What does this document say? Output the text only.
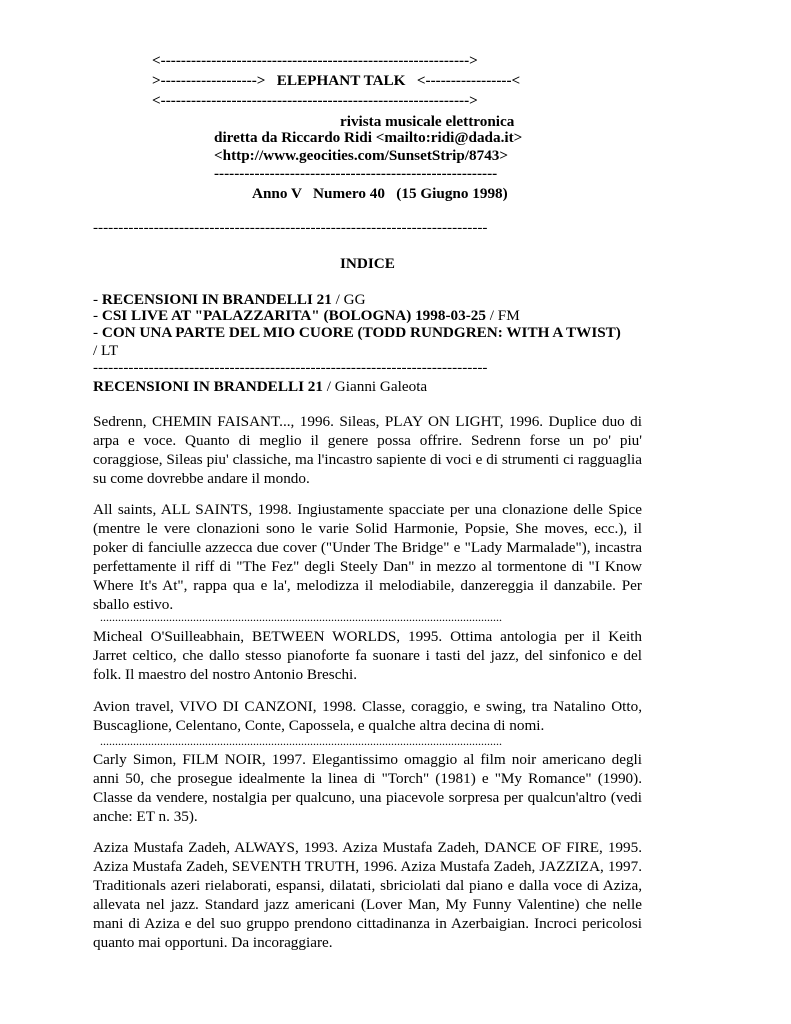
<------------------------------------------------------------->
>------------------->   ELEPHANT TALK   <-----------------<
<------------------------------------------------------------->
rivista musicale elettronica
diretta da Riccardo Ridi <mailto:ridi@dada.it>
<http://www.geocities.com/SunsetStrip/8743>
--------------------------------------------------------
Anno V   Numero 40   (15 Giugno 1998)
------------------------------------------------------------------------------
INDICE
- RECENSIONI IN BRANDELLI 21 / GG
- CSI LIVE AT "PALAZZARITA" (BOLOGNA) 1998-03-25 / FM
- CON UNA PARTE DEL MIO CUORE (TODD RUNDGREN: WITH A TWIST)
/ LT
------------------------------------------------------------------------------
RECENSIONI IN BRANDELLI 21 / Gianni Galeota

Sedrenn, CHEMIN FAISANT..., 1996. Sileas, PLAY ON LIGHT, 1996. Duplice duo di arpa e voce. Quanto di meglio il genere possa offrire. Sedrenn forse un po' piu' coraggiose, Sileas piu' classiche, ma l'incastro sapiente di voci e di strumenti ci ragguaglia su come dovrebbe andare il mondo.

All saints, ALL SAINTS, 1998. Ingiustamente spacciate per una clonazione delle Spice (mentre le vere clonazioni sono le varie Solid Harmonie, Popsie, She moves, ecc.), il poker di fanciulle azzecca due cover ("Under The Bridge" e "Lady Marmalade"), incastra perfettamente il riff di "The Fez" degli Steely Dan" in mezzo al tormentone di "I Know Where It's At", rappa qua e la', melodizza il melodiabile, danzereggia il danzabile. Per sballo estivo.

......................................................................................................................................

Micheal O'Suilleabhain, BETWEEN WORLDS, 1995. Ottima antologia per il Keith Jarret celtico, che dallo stesso pianoforte fa suonare i tasti del jazz, del sinfonico e del folk. Il maestro del nostro Antonio Breschi.

Avion travel, VIVO DI CANZONI, 1998. Classe, coraggio, e swing, tra Natalino Otto, Buscaglione, Celentano, Conte, Capossela, e qualche altra decina di nomi.

......................................................................................................................................

Carly Simon, FILM NOIR, 1997. Elegantissimo omaggio al film noir americano degli anni 50, che prosegue idealmente la linea di "Torch" (1981) e "My Romance" (1990). Classe da vendere, nostalgia per qualcuno, una piacevole sorpresa per qualcun'altro (vedi anche: ET n. 35).

Aziza Mustafa Zadeh, ALWAYS, 1993. Aziza Mustafa Zadeh, DANCE OF FIRE, 1995. Aziza Mustafa Zadeh, SEVENTH TRUTH, 1996. Aziza Mustafa Zadeh, JAZZIZA, 1997. Traditionals azeri rielaborati, espansi, dilatati, sbriciolati dal piano e dalla voce di Aziza, allevata nel jazz. Standard jazz americani (Lover Man, My Funny Valentine) che nelle mani di Aziza e del suo gruppo prendono cittadinanza in Azerbaigian. Incroci pericolosi quanto mai opportuni. Da incoraggiare.
